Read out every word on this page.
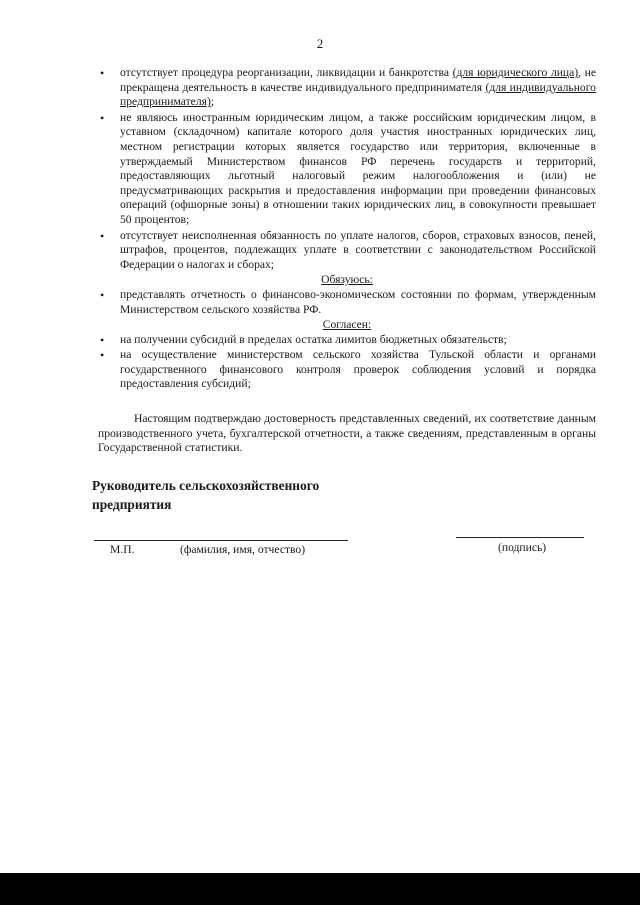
2
• отсутствует процедура реорганизации, ликвидации и банкротства (для юридического лица), не прекращена деятельность в качестве индивидуального предпринимателя (для индивидуального предпринимателя);
• не являюсь иностранным юридическим лицом, а также российским юридическим лицом, в уставном (складочном) капитале которого доля участия иностранных юридических лиц, местном регистрации которых является государство или территория, включенные в утверждаемый Министерством финансов РФ перечень государств и территорий, предоставляющих льготный налоговый режим налогообложения и (или) не предусматривающих раскрытия и предоставления информации при проведении финансовых операций (офшорные зоны) в отношении таких юридических лиц, в совокупности превышает 50 процентов;
• отсутствует неисполненная обязанность по уплате налогов, сборов, страховых взносов, пеней, штрафов, процентов, подлежащих уплате в соответствии с законодательством Российской Федерации о налогах и сборах;

Обязуюсь:

• представлять отчетность о финансово-экономическом состоянии по формам, утвержденным Министерством сельского хозяйства РФ.

Согласен:

• на получении субсидий в пределах остатка лимитов бюджетных обязательств;
• на осуществление министерством сельского хозяйства Тульской области и органами государственного финансового контроля проверок соблюдения условий и порядка предоставления субсидий;

Настоящим подтверждаю достоверность представленных сведений, их соответствие данным производственного учета, бухгалтерской отчетности, а также сведениям, представленным в органы Государственной статистики.

Руководитель сельскохозяйственного
предприятия
М.П.	(фамилия, имя, отчество)	(подпись)
